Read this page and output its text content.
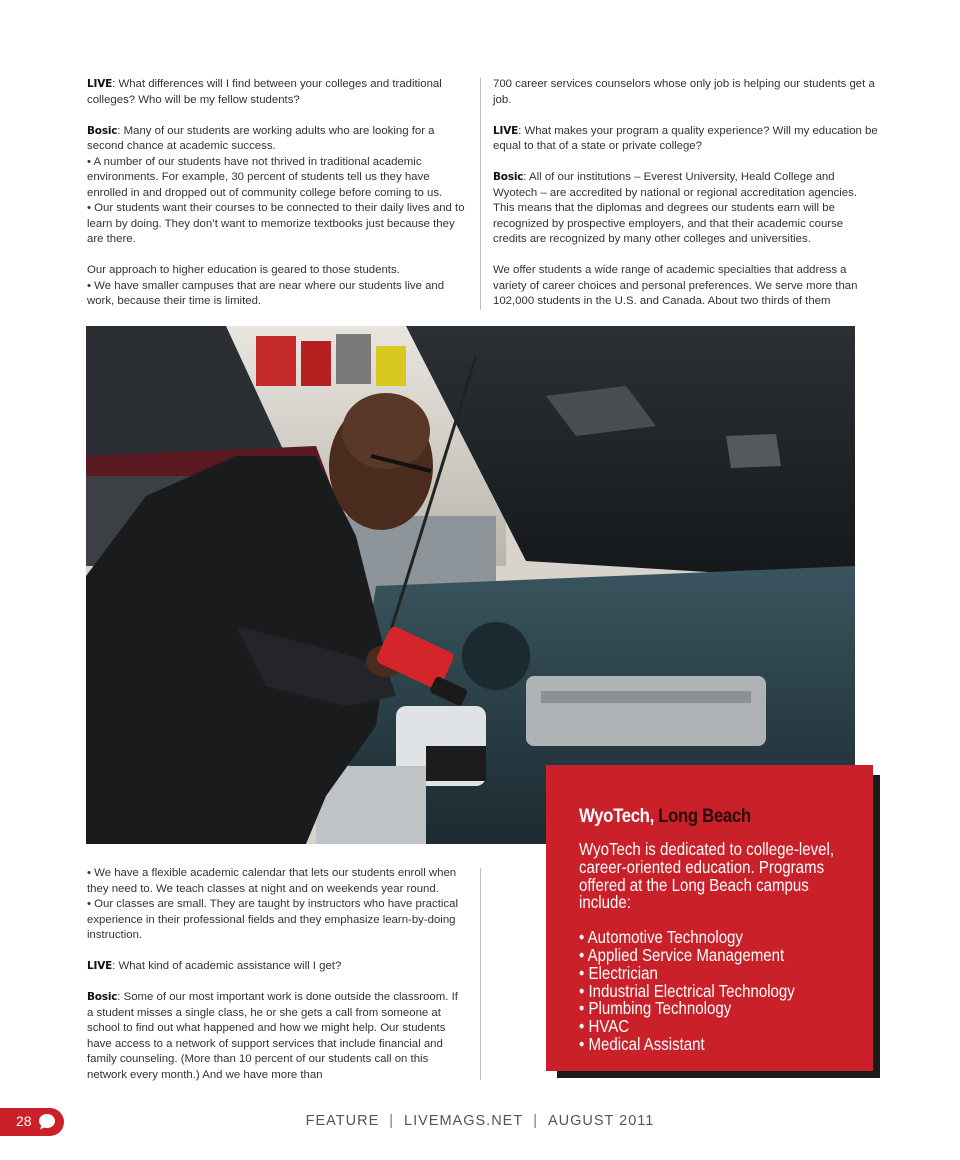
LIVE: What differences will I find between your colleges and traditional colleges? Who will be my fellow students?

Bosic: Many of our students are working adults who are looking for a second chance at academic success.

• A number of our students have not thrived in traditional academic environments. For example, 30 percent of students tell us they have enrolled in and dropped out of community college before coming to us.

• Our students want their courses to be connected to their daily lives and to learn by doing. They don’t want to memorize textbooks just because they are there.

Our approach to higher education is geared to those students.

• We have smaller campuses that are near where our students live and work, because their time is limited.

700 career services counselors whose only job is helping our students get a job.

LIVE: What makes your program a quality experience? Will my education be equal to that of a state or private college?

Bosic: All of our institutions – Everest University, Heald College and Wyotech – are accredited by national or regional accreditation agencies. This means that the diplomas and degrees our students earn will be recognized by prospective employers, and that their academic course credits are recognized by many other colleges and universities.

We offer students a wide range of academic specialties that address a variety of career choices and personal preferences. We serve more than 102,000 students in the U.S. and Canada. About two thirds of them

• We have a flexible academic calendar that lets our students enroll when they need to. We teach classes at night and on weekends year round.

• Our classes are small. They are taught by instructors who have practical experience in their professional fields and they emphasize learn-by-doing instruction.

LIVE: What kind of academic assistance will I get?

Bosic: Some of our most important work is done outside the classroom. If a student misses a single class, he or she gets a call from someone at school to find out what happened and how we might help. Our students have access to a network of support services that include financial and family counseling. (More than 10 percent of our students call on this network every month.) And we have more than

WyoTech, Long Beach
WyoTech is dedicated to college-level, career-oriented education. Programs offered at the Long Beach campus include:
• Automotive Technology
• Applied Service Management
• Electrician
• Industrial Electrical Technology
• Plumbing Technology
• HVAC
• Medical Assistant
28	FEATURE | LIVEMAGS.NET | AUGUST 2011
